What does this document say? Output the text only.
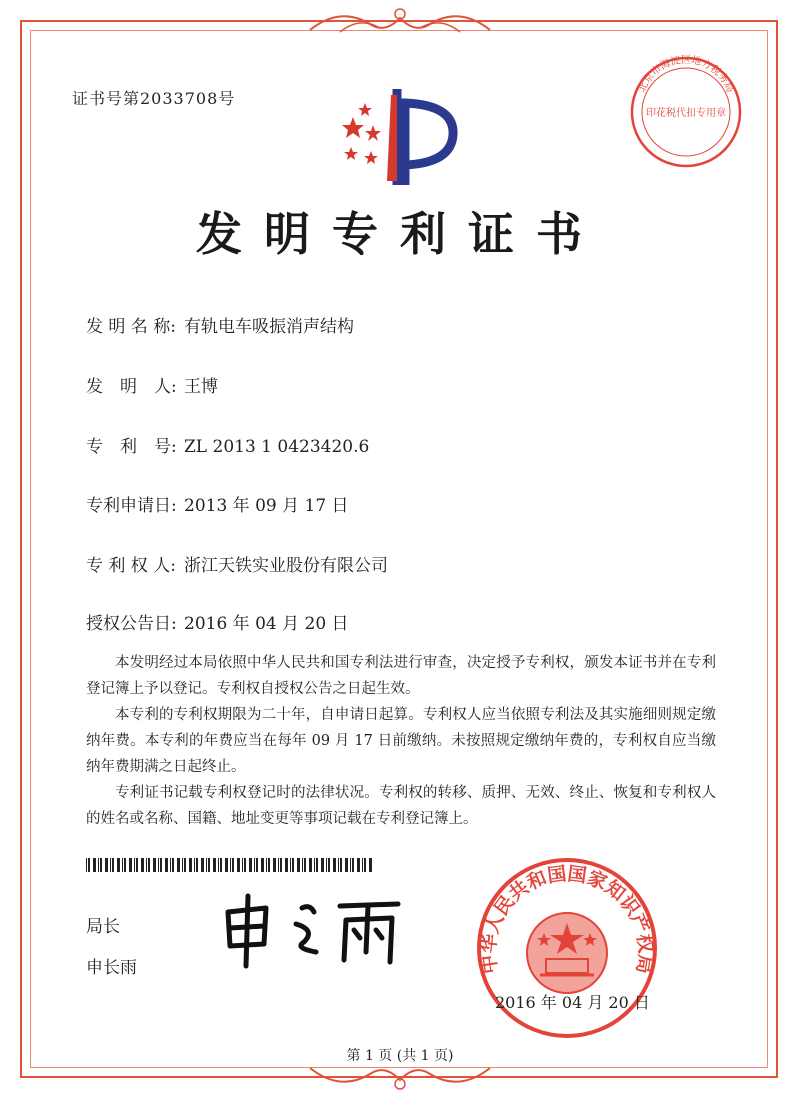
证书号第2033708号
北京市海淀区地方税务局
印花税代扣专用章
发明专利证书
发 明 名 称: 有轨电车吸振消声结构
发　明　人: 王博
专　利　号: ZL 2013 1 0423420.6
专利申请日: 2013 年 09 月 17 日
专 利 权 人: 浙江天铁实业股份有限公司
授权公告日: 2016 年 04 月 20 日

本发明经过本局依照中华人民共和国专利法进行审查，决定授予专利权，颁发本证书并在专利登记簿上予以登记。专利权自授权公告之日起生效。

本专利的专利权期限为二十年，自申请日起算。专利权人应当依照专利法及其实施细则规定缴纳年费。本专利的年费应当在每年 09 月 17 日前缴纳。未按照规定缴纳年费的，专利权自应当缴纳年费期满之日起终止。

专利证书记载专利权登记时的法律状况。专利权的转移、质押、无效、终止、恢复和专利权人的姓名或名称、国籍、地址变更等事项记载在专利登记簿上。

局长
申长雨	中华人民共和国国家知识产权局
2016 年 04 月 20 日
第 1 页 (共 1 页)
